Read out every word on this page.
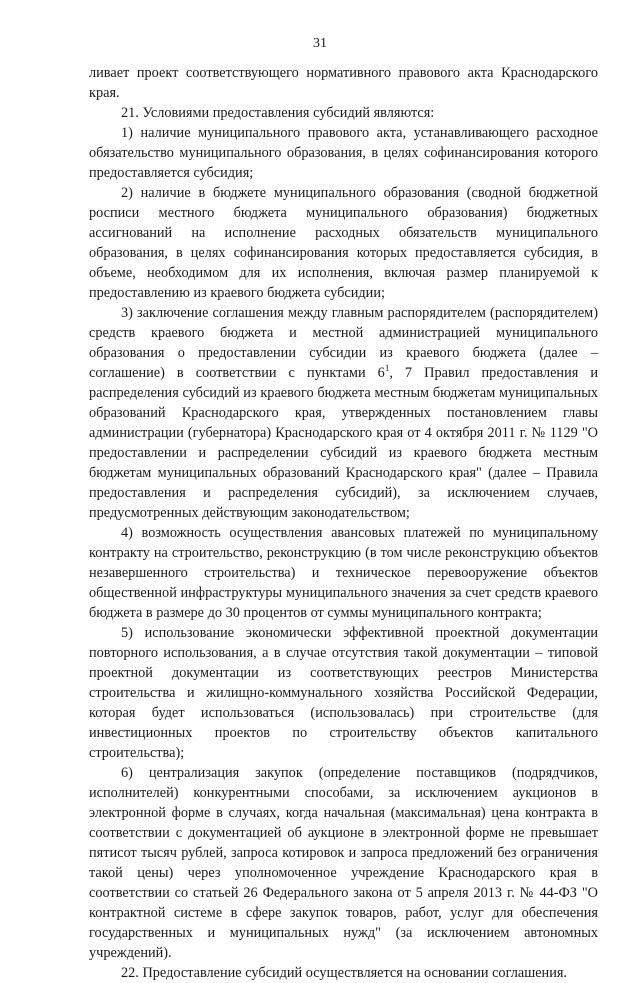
31

ливает проект соответствующего нормативного правового акта Краснодарского края.

21. Условиями предоставления субсидий являются:

1) наличие муниципального правового акта, устанавливающего расходное обязательство муниципального образования, в целях софинансирования которого предоставляется субсидия;

2) наличие в бюджете муниципального образования (сводной бюджетной росписи местного бюджета муниципального образования) бюджетных ассигнований на исполнение расходных обязательств муниципального образования, в целях софинансирования которых предоставляется субсидия, в объеме, необходимом для их исполнения, включая размер планируемой к предоставлению из краевого бюджета субсидии;

3) заключение соглашения между главным распорядителем (распорядителем) средств краевого бюджета и местной администрацией муниципального образования о предоставлении субсидии из краевого бюджета (далее – соглашение) в соответствии с пунктами $6^1$, 7 Правил предоставления и распределения субсидий из краевого бюджета местным бюджетам муниципальных образований Краснодарского края, утвержденных постановлением главы администрации (губернатора) Краснодарского края от 4 октября 2011 г. № 1129 "О предоставлении и распределении субсидий из краевого бюджета местным бюджетам муниципальных образований Краснодарского края" (далее – Правила предоставления и распределения субсидий), за исключением случаев, предусмотренных действующим законодательством;

4) возможность осуществления авансовых платежей по муниципальному контракту на строительство, реконструкцию (в том числе реконструкцию объектов незавершенного строительства) и техническое перевооружение объектов общественной инфраструктуры муниципального значения за счет средств краевого бюджета в размере до 30 процентов от суммы муниципального контракта;

5) использование экономически эффективной проектной документации повторного использования, а в случае отсутствия такой документации – типовой проектной документации из соответствующих реестров Министерства строительства и жилищно-коммунального хозяйства Российской Федерации, которая будет использоваться (использовалась) при строительстве (для инвестиционных проектов по строительству объектов капитального строительства);

6) централизация закупок (определение поставщиков (подрядчиков, исполнителей) конкурентными способами, за исключением аукционов в электронной форме в случаях, когда начальная (максимальная) цена контракта в соответствии с документацией об аукционе в электронной форме не превышает пятисот тысяч рублей, запроса котировок и запроса предложений без ограничения такой цены) через уполномоченное учреждение Краснодарского края в соответствии со статьей 26 Федерального закона от 5 апреля 2013 г. № 44-ФЗ "О контрактной системе в сфере закупок товаров, работ, услуг для обеспечения государственных и муниципальных нужд" (за исключением автономных учреждений).

22. Предоставление субсидий осуществляется на основании соглашения.
